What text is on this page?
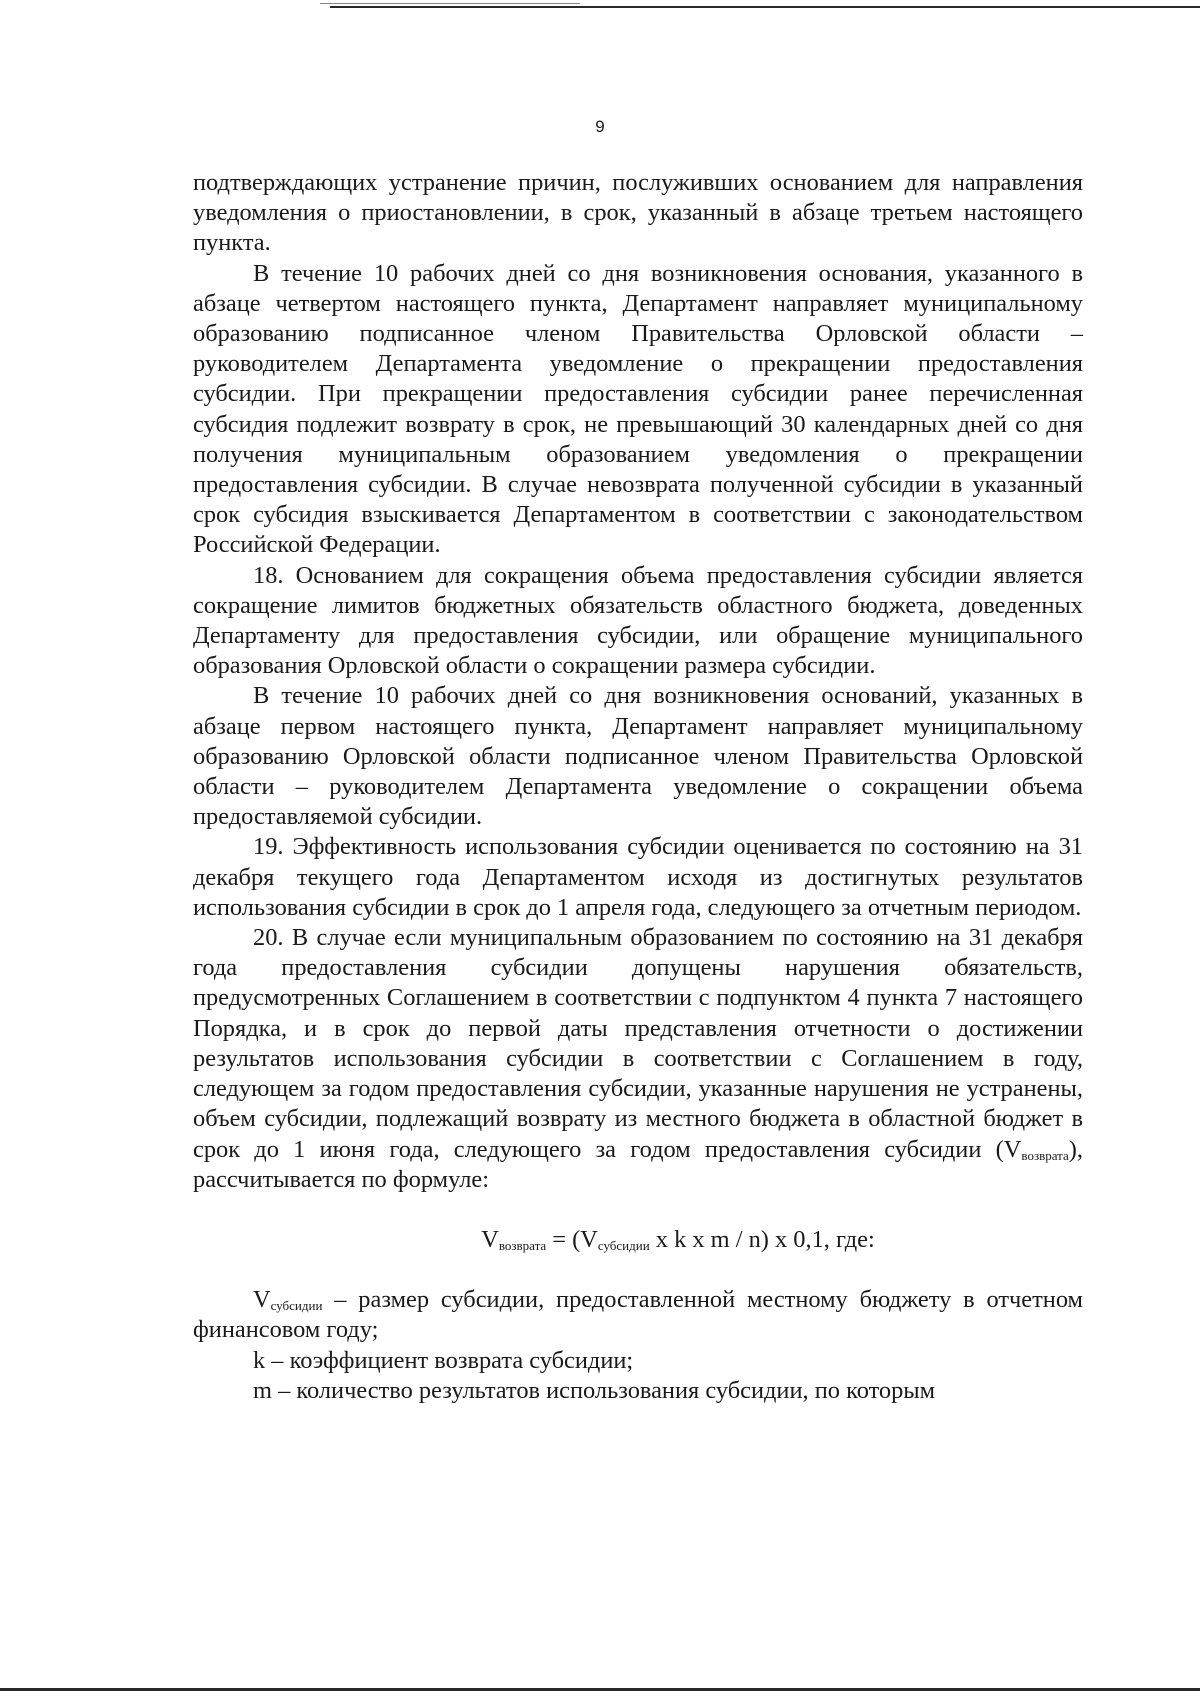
9

подтверждающих устранение причин, послуживших основанием для направления уведомления о приостановлении, в срок, указанный в абзаце третьем настоящего пункта.

В течение 10 рабочих дней со дня возникновения основания, указанного в абзаце четвертом настоящего пункта, Департамент направляет муниципальному образованию подписанное членом Правительства Орловской области – руководителем Департамента уведомление о прекращении предоставления субсидии. При прекращении предоставления субсидии ранее перечисленная субсидия подлежит возврату в срок, не превышающий 30 календарных дней со дня получения муниципальным образованием уведомления о прекращении предоставления субсидии. В случае невозврата полученной субсидии в указанный срок субсидия взыскивается Департаментом в соответствии с законодательством Российской Федерации.

18. Основанием для сокращения объема предоставления субсидии является сокращение лимитов бюджетных обязательств областного бюджета, доведенных Департаменту для предоставления субсидии, или обращение муниципального образования Орловской области о сокращении размера субсидии.

В течение 10 рабочих дней со дня возникновения оснований, указанных в абзаце первом настоящего пункта, Департамент направляет муниципальному образованию Орловской области подписанное членом Правительства Орловской области – руководителем Департамента уведомление о сокращении объема предоставляемой субсидии.

19. Эффективность использования субсидии оценивается по состоянию на 31 декабря текущего года Департаментом исходя из достигнутых результатов использования субсидии в срок до 1 апреля года, следующего за отчетным периодом.

20. В случае если муниципальным образованием по состоянию на 31 декабря года предоставления субсидии допущены нарушения обязательств, предусмотренных Соглашением в соответствии с подпунктом 4 пункта 7 настоящего Порядка, и в срок до первой даты представления отчетности о достижении результатов использования субсидии в соответствии с Соглашением в году, следующем за годом предоставления субсидии, указанные нарушения не устранены, объем субсидии, подлежащий возврату из местного бюджета в областной бюджет в срок до 1 июня года, следующего за годом предоставления субсидии $(V_{возврата})$, рассчитывается по формуле:

$V_{возврата} = (V_{субсидии}$ x k x m / n) x 0,1, где:

$V_{субсидии}$ – размер субсидии, предоставленной местному бюджету в отчетном финансовом году;

k – коэффициент возврата субсидии;

m – количество результатов использования субсидии, по которым
